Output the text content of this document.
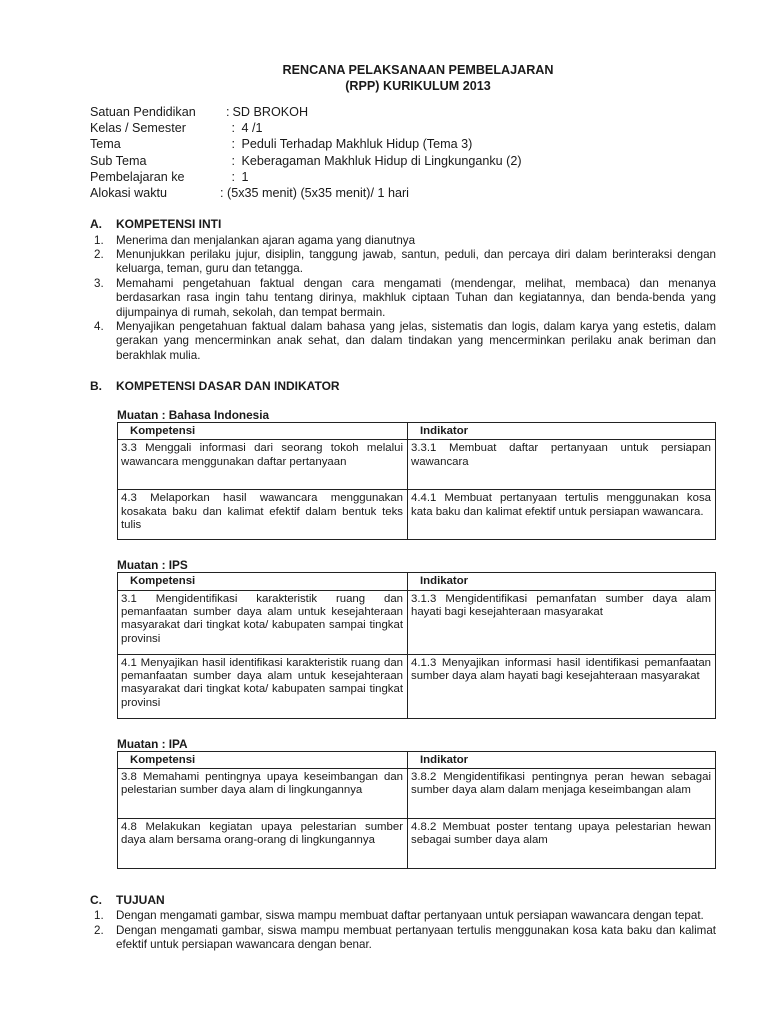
RENCANA PELAKSANAAN PEMBELAJARAN
(RPP) KURIKULUM 2013
Satuan Pendidikan	: SD BROKOH
Kelas / Semester	: 4 /1
Tema	: Peduli Terhadap Makhluk Hidup (Tema 3)
Sub Tema	: Keberagaman Makhluk Hidup di Lingkunganku (2)
Pembelajaran ke	: 1
Alokasi waktu	: (5x35 menit) (5x35 menit)/ 1 hari
A.	KOMPETENSI INTI
1.	Menerima dan menjalankan ajaran agama yang dianutnya
2.	Menunjukkan perilaku jujur, disiplin, tanggung jawab, santun, peduli, dan percaya diri dalam berinteraksi dengan keluarga, teman, guru dan tetangga.
3.	Memahami pengetahuan faktual dengan cara mengamati (mendengar, melihat, membaca) dan menanya berdasarkan rasa ingin tahu tentang dirinya, makhluk ciptaan Tuhan dan kegiatannya, dan benda-benda yang dijumpainya di rumah, sekolah, dan tempat bermain.
4.	Menyajikan pengetahuan faktual dalam bahasa yang jelas, sistematis dan logis, dalam karya yang estetis, dalam gerakan yang mencerminkan anak sehat, dan dalam tindakan yang mencerminkan perilaku anak beriman dan berakhlak mulia.
B.	KOMPETENSI DASAR DAN INDIKATOR
Muatan : Bahasa Indonesia
Kompetensi	Indikator
3.3 Menggali informasi dari seorang tokoh melalui wawancara menggunakan daftar pertanyaan	3.3.1 Membuat daftar pertanyaan untuk persiapan wawancara
4.3 Melaporkan hasil wawancara menggunakan kosakata baku dan kalimat efektif dalam bentuk teks tulis	4.4.1 Membuat pertanyaan tertulis menggunakan kosa kata baku dan kalimat efektif untuk persiapan wawancara.
Muatan : IPS
Kompetensi	Indikator
3.1 Mengidentifikasi karakteristik ruang dan pemanfaatan sumber daya alam untuk kesejahteraan masyarakat dari tingkat kota/ kabupaten sampai tingkat provinsi	3.1.3 Mengidentifikasi pemanfatan sumber daya alam hayati bagi kesejahteraan masyarakat
4.1 Menyajikan hasil identifikasi karakteristik ruang dan pemanfaatan sumber daya alam untuk kesejahteraan masyarakat dari tingkat kota/ kabupaten sampai tingkat provinsi	4.1.3 Menyajikan informasi hasil identifikasi pemanfaatan sumber daya alam hayati bagi kesejahteraan masyarakat
Muatan : IPA
Kompetensi	Indikator
3.8 Memahami pentingnya upaya keseimbangan dan pelestarian sumber daya alam di lingkungannya	3.8.2 Mengidentifikasi pentingnya peran hewan sebagai sumber daya alam dalam menjaga keseimbangan alam
4.8 Melakukan kegiatan upaya pelestarian sumber daya alam bersama orang-orang di lingkungannya	4.8.2 Membuat poster tentang upaya pelestarian hewan sebagai sumber daya alam
C.	TUJUAN
1.	Dengan mengamati gambar, siswa mampu membuat daftar pertanyaan untuk persiapan wawancara dengan tepat.
2.	Dengan mengamati gambar, siswa mampu membuat pertanyaan tertulis menggunakan kosa kata baku dan kalimat efektif untuk persiapan wawancara dengan benar.
